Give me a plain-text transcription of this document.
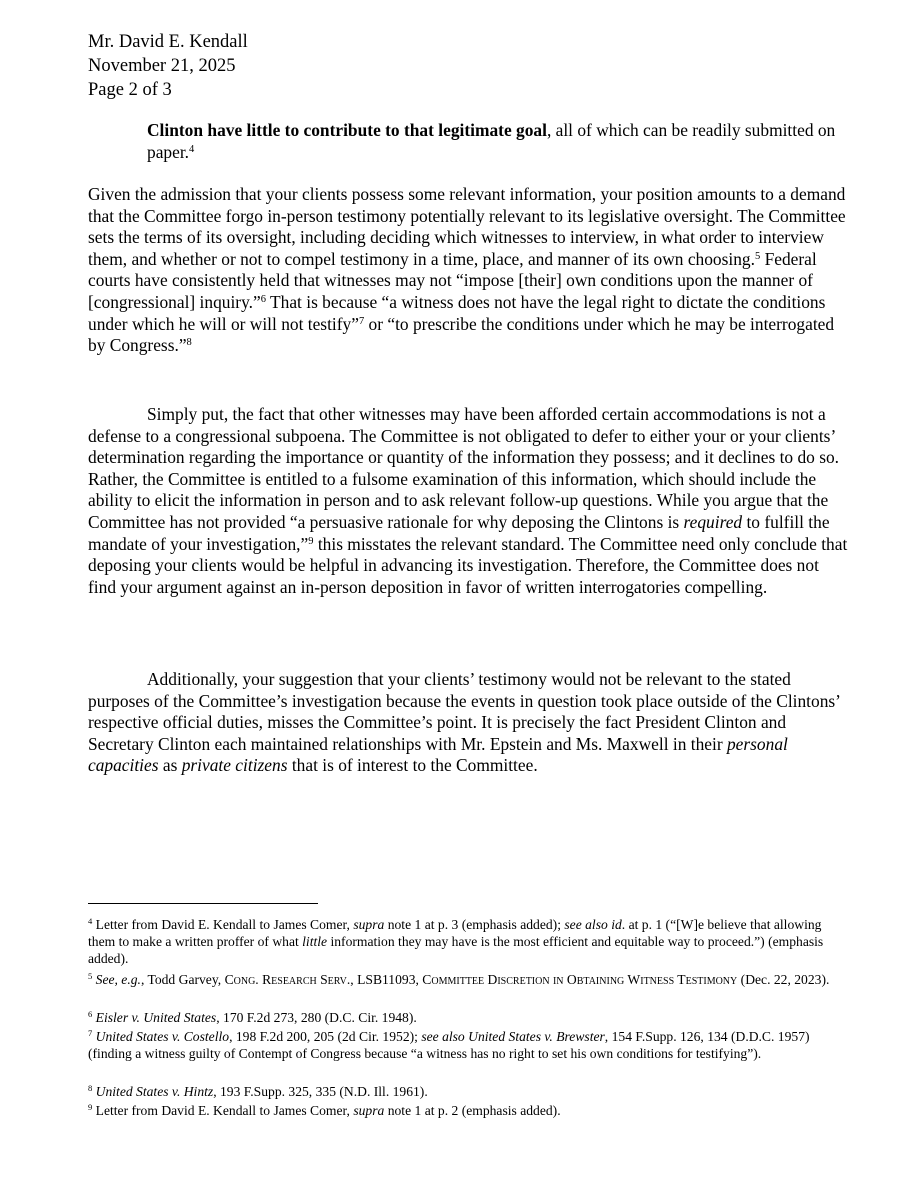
Mr. David E. Kendall
November 21, 2025
Page 2 of 3
Clinton have little to contribute to that legitimate goal, all of which can be readily submitted on paper.$^4$
Given the admission that your clients possess some relevant information, your position amounts to a demand that the Committee forgo in-person testimony potentially relevant to its legislative oversight. The Committee sets the terms of its oversight, including deciding which witnesses to interview, in what order to interview them, and whether or not to compel testimony in a time, place, and manner of its own choosing.$^5$ Federal courts have consistently held that witnesses may not “impose [their] own conditions upon the manner of [congressional] inquiry.”$^6$ That is because “a witness does not have the legal right to dictate the conditions under which he will or will not testify”$^7$ or “to prescribe the conditions under which he may be interrogated by Congress.”$^8$
Simply put, the fact that other witnesses may have been afforded certain accommodations is not a defense to a congressional subpoena. The Committee is not obligated to defer to either your or your clients’ determination regarding the importance or quantity of the information they possess; and it declines to do so. Rather, the Committee is entitled to a fulsome examination of this information, which should include the ability to elicit the information in person and to ask relevant follow-up questions. While you argue that the Committee has not provided “a persuasive rationale for why deposing the Clintons is required to fulfill the mandate of your investigation,”$^9$ this misstates the relevant standard. The Committee need only conclude that deposing your clients would be helpful in advancing its investigation. Therefore, the Committee does not find your argument against an in-person deposition in favor of written interrogatories compelling.
Additionally, your suggestion that your clients’ testimony would not be relevant to the stated purposes of the Committee’s investigation because the events in question took place outside of the Clintons’ respective official duties, misses the Committee’s point. It is precisely the fact President Clinton and Secretary Clinton each maintained relationships with Mr. Epstein and Ms. Maxwell in their personal capacities as private citizens that is of interest to the Committee.
$^4$ Letter from David E. Kendall to James Comer, supra note 1 at p. 3 (emphasis added); see also id. at p. 1 (“[W]e believe that allowing them to make a written proffer of what little information they may have is the most efficient and equitable way to proceed.”) (emphasis added).
$^5$ See, e.g., Todd Garvey, Cong. Research Serv., LSB11093, Committee Discretion in Obtaining Witness Testimony (Dec. 22, 2023).
$^6$ Eisler v. United States, 170 F.2d 273, 280 (D.C. Cir. 1948).
$^7$ United States v. Costello, 198 F.2d 200, 205 (2d Cir. 1952); see also United States v. Brewster, 154 F.Supp. 126, 134 (D.D.C. 1957) (finding a witness guilty of Contempt of Congress because “a witness has no right to set his own conditions for testifying”).
$^8$ United States v. Hintz, 193 F.Supp. 325, 335 (N.D. Ill. 1961).
$^9$ Letter from David E. Kendall to James Comer, supra note 1 at p. 2 (emphasis added).
